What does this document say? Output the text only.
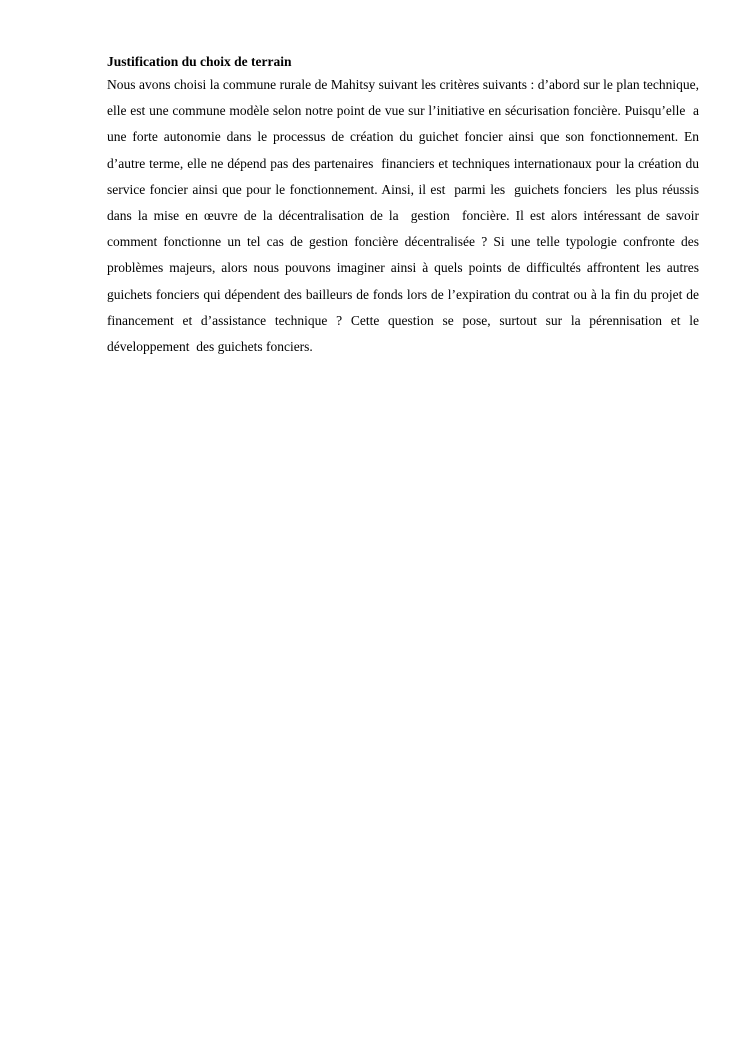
Justification du choix de terrain

Nous avons choisi la commune rurale de Mahitsy suivant les critères suivants : d’abord sur le plan technique, elle est une commune modèle selon notre point de vue sur l’initiative en sécurisation foncière. Puisqu’elle  a une forte autonomie dans le processus de création du guichet foncier ainsi que son fonctionnement. En d’autre terme, elle ne dépend pas des partenaires  financiers et techniques internationaux pour la création du service foncier ainsi que pour le fonctionnement. Ainsi, il est  parmi les  guichets fonciers  les plus réussis  dans la mise en œuvre de la décentralisation de la  gestion  foncière. Il est alors intéressant de savoir comment fonctionne un tel cas de gestion foncière décentralisée ? Si une telle typologie confronte des problèmes majeurs, alors nous pouvons imaginer ainsi à quels points de difficultés affrontent les autres guichets fonciers qui dépendent des bailleurs de fonds lors de l’expiration du contrat ou à la fin du projet de financement et d’assistance technique ? Cette question se pose, surtout sur la pérennisation et le développement  des guichets fonciers.
